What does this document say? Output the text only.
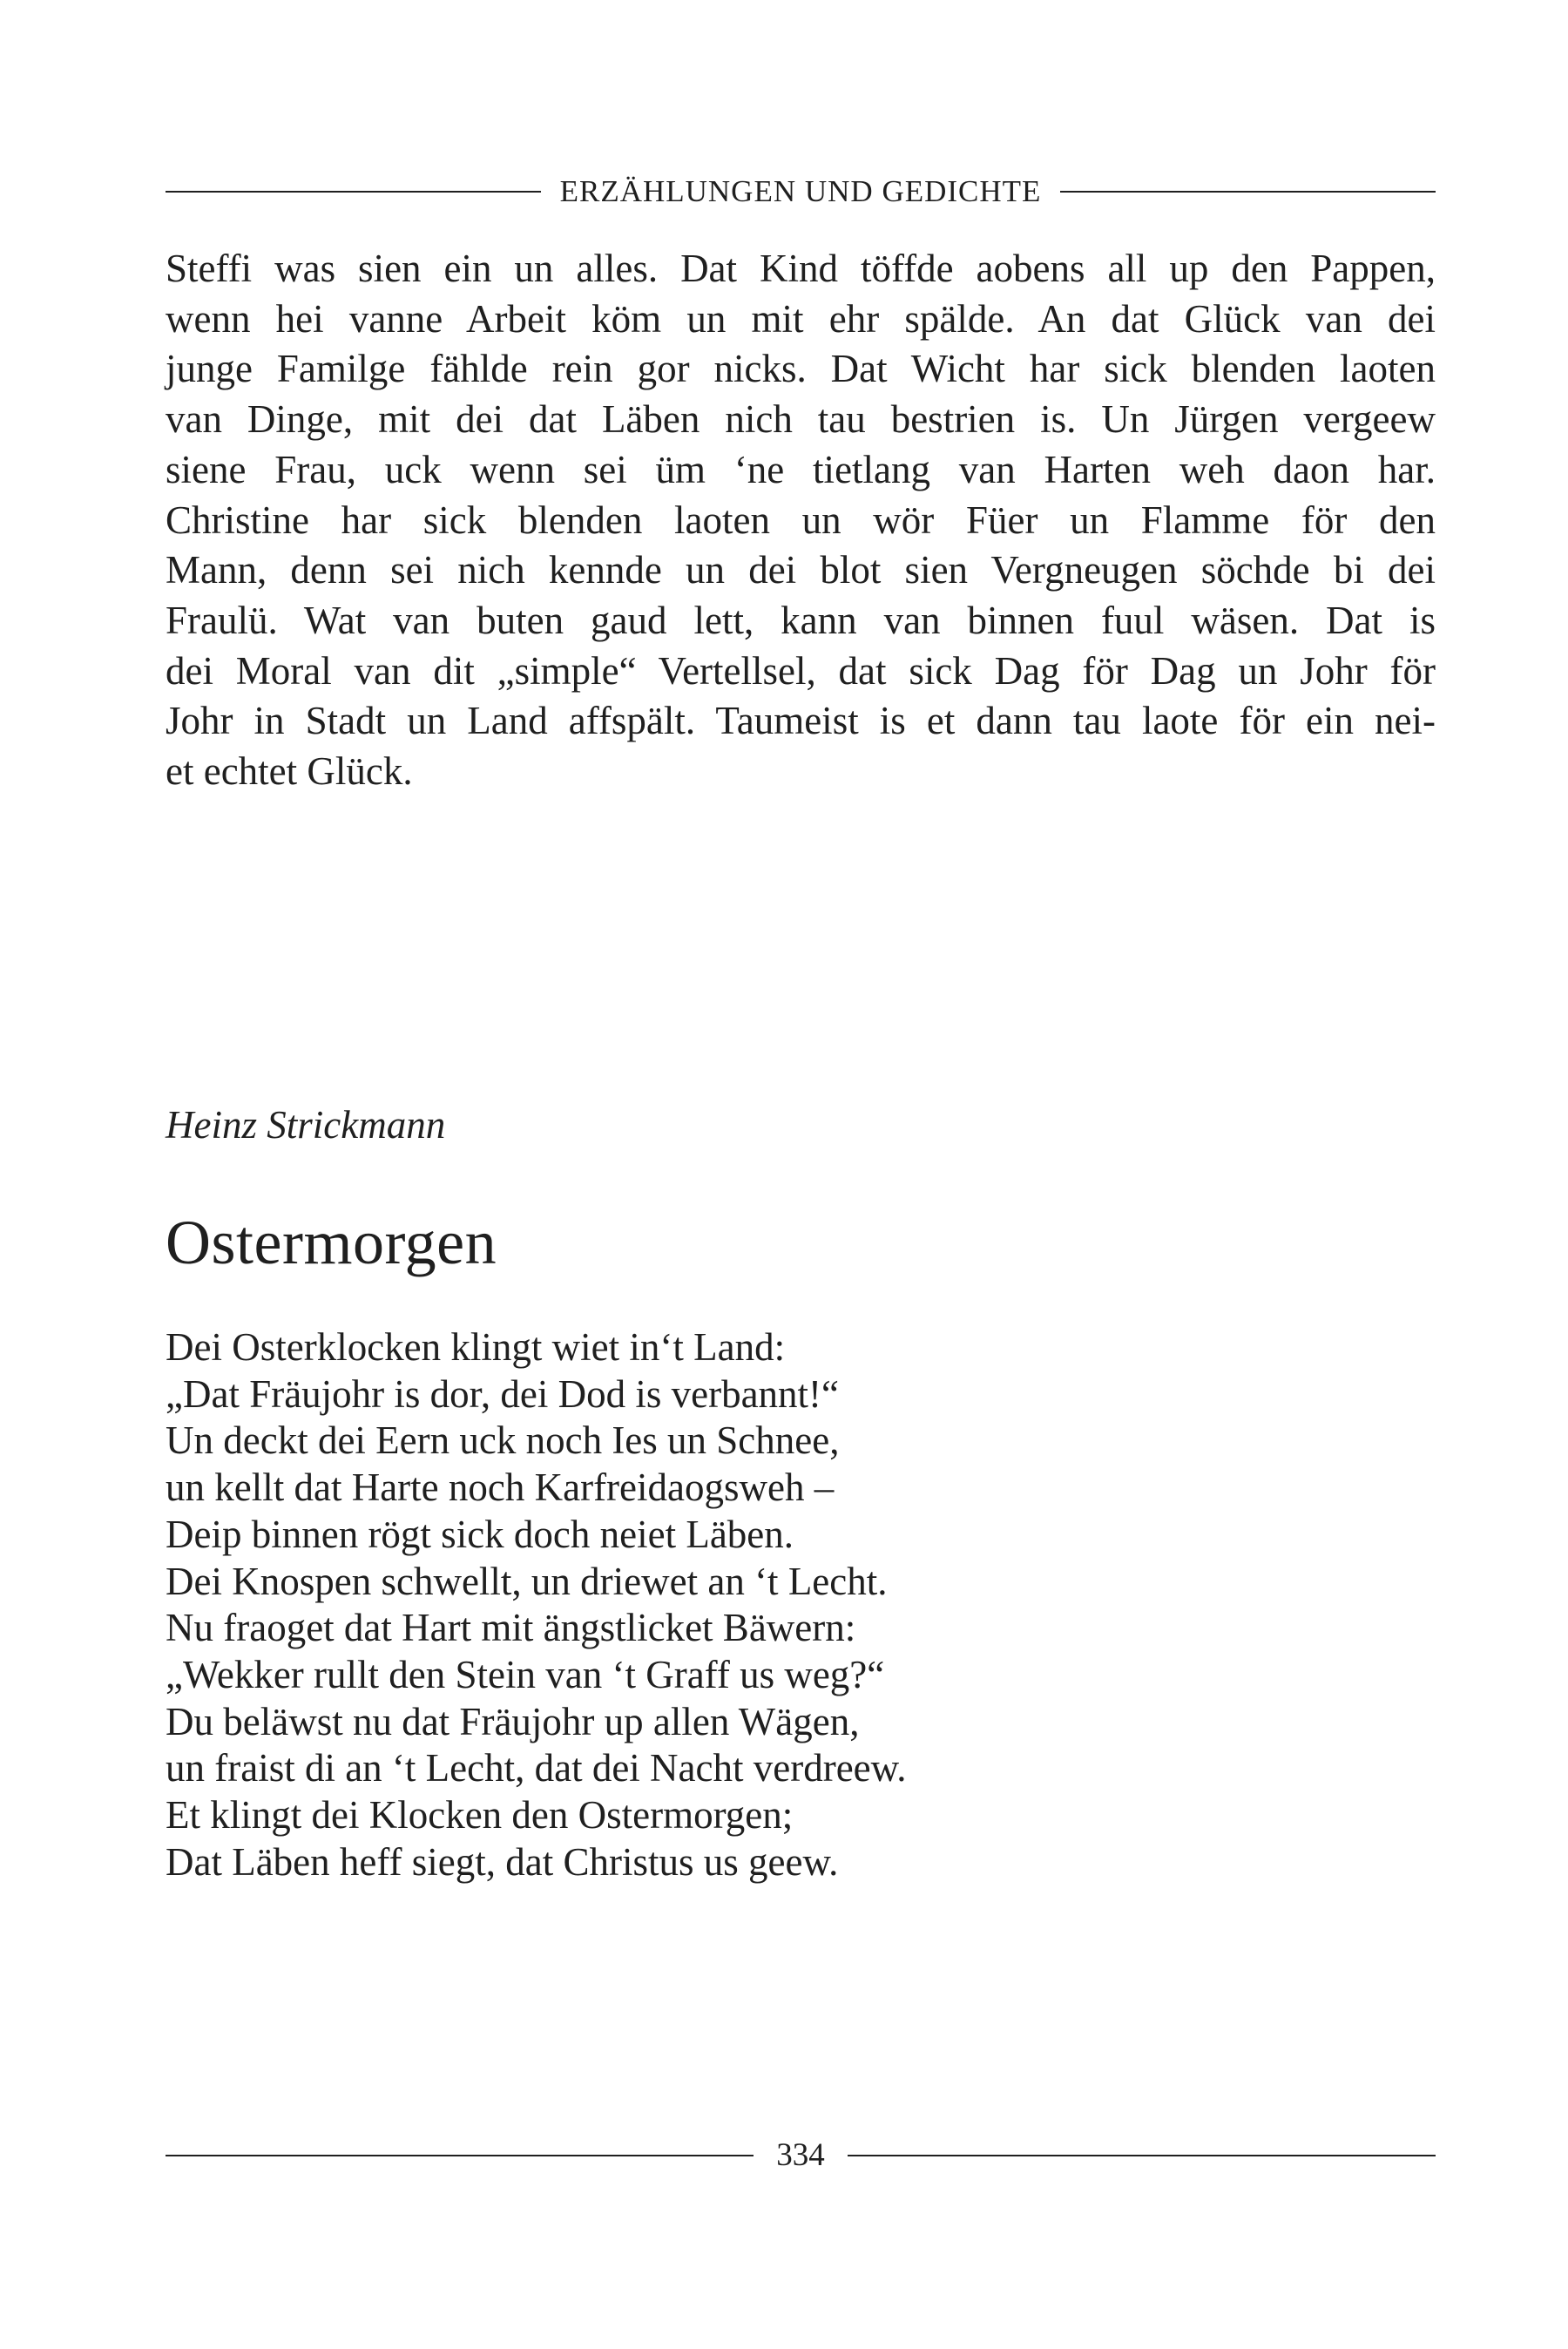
ERZÄHLUNGEN UND GEDICHTE
Steffi was sien ein un alles. Dat Kind töffde aobens all up den Pappen,
wenn hei vanne Arbeit köm un mit ehr spälde. An dat Glück van dei
junge Familge fählde rein gor nicks. Dat Wicht har sick blenden laoten
van Dinge, mit dei dat Läben nich tau bestrien is. Un Jürgen vergeew
siene Frau, uck wenn sei üm ‘ne tietlang van Harten weh daon har.
Christine har sick blenden laoten un wör Füer un Flamme för den
Mann, denn sei nich kennde un dei blot sien Vergneugen söchde bi dei
Fraulü. Wat van buten gaud lett, kann van binnen fuul wäsen. Dat is
dei Moral van dit „simple“ Vertellsel, dat sick Dag för Dag un Johr för
Johr in Stadt un Land affspält. Taumeist is et dann tau laote för ein nei-
et echtet Glück.
Heinz Strickmann
Ostermorgen
Dei Osterklocken klingt wiet in‘t Land:
„Dat Fräujohr is dor, dei Dod is verbannt!“
Un deckt dei Eern uck noch Ies un Schnee,
un kellt dat Harte noch Karfreidaogsweh –
Deip binnen rögt sick doch neiet Läben.
Dei Knospen schwellt, un driewet an ‘t Lecht.
Nu fraoget dat Hart mit ängstlicket Bäwern:
„Wekker rullt den Stein van ‘t Graff us weg?“
Du beläwst nu dat Fräujohr up allen Wägen,
un fraist di an ‘t Lecht, dat dei Nacht verdreew.
Et klingt dei Klocken den Ostermorgen;
Dat Läben heff siegt, dat Christus us geew.
334
